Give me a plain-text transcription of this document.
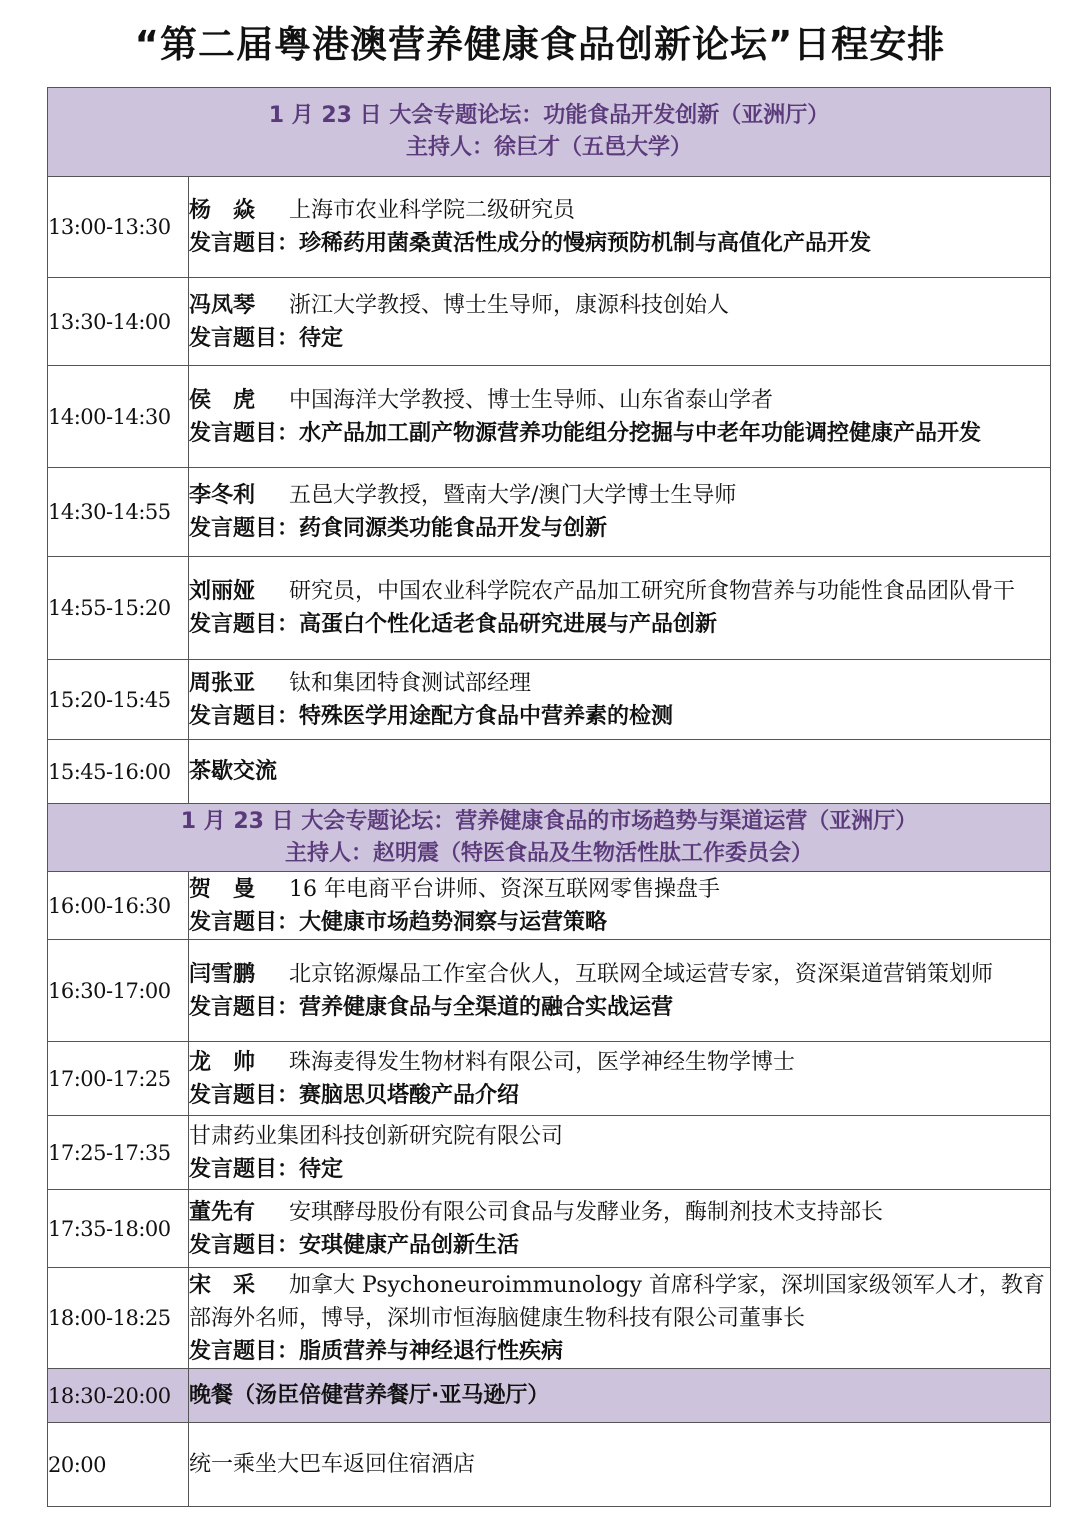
“第二届粤港澳营养健康食品创新论坛”日程安排
1 月 23 日 大会专题论坛：功能食品开发创新（亚洲厅）
主持人：徐巨才（五邑大学）	

13:00-13:30	杨　焱 上海市农业科学院二级研究员
发言题目：珍稀药用菌桑黄活性成分的慢病预防机制与高值化产品开发

13:30-14:00	冯凤琴 浙江大学教授、博士生导师，康源科技创始人
发言题目：待定

14:00-14:30	侯　虎 中国海洋大学教授、博士生导师、山东省泰山学者
发言题目：水产品加工副产物源营养功能组分挖掘与中老年功能调控健康产品开发

14:30-14:55	李冬利 五邑大学教授，暨南大学/澳门大学博士生导师
发言题目：药食同源类功能食品开发与创新

14:55-15:20	刘丽娅 研究员，中国农业科学院农产品加工研究所食物营养与功能性食品团队骨干
发言题目：高蛋白个性化适老食品研究进展与产品创新

15:20-15:45	周张亚 钛和集团特食测试部经理
发言题目：特殊医学用途配方食品中营养素的检测

15:45-16:00	茶歇交流

1 月 23 日 大会专题论坛：营养健康食品的市场趋势与渠道运营（亚洲厅）
主持人：赵明震（特医食品及生物活性肽工作委员会）	

16:00-16:30	贺　曼 16 年电商平台讲师、资深互联网零售操盘手
发言题目：大健康市场趋势洞察与运营策略

16:30-17:00	闫雪鹏 北京铭源爆品工作室合伙人，互联网全域运营专家，资深渠道营销策划师
发言题目：营养健康食品与全渠道的融合实战运营

17:00-17:25	龙　帅 珠海麦得发生物材料有限公司，医学神经生物学博士
发言题目：赛脑思贝塔酸产品介绍

17:25-17:35	甘肃药业集团科技创新研究院有限公司
发言题目：待定

17:35-18:00	董先有 安琪酵母股份有限公司食品与发酵业务，酶制剂技术支持部长
发言题目：安琪健康产品创新生活

18:00-18:25	宋　采 加拿大 Psychoneuroimmunology 首席科学家，深圳国家级领军人才，教育部海外名师，博导，深圳市恒海脑健康生物科技有限公司董事长
发言题目：脂质营养与神经退行性疾病

18:30-20:00	晚餐（汤臣倍健营养餐厅·亚马逊厅）

20:00	统一乘坐大巴车返回住宿酒店
